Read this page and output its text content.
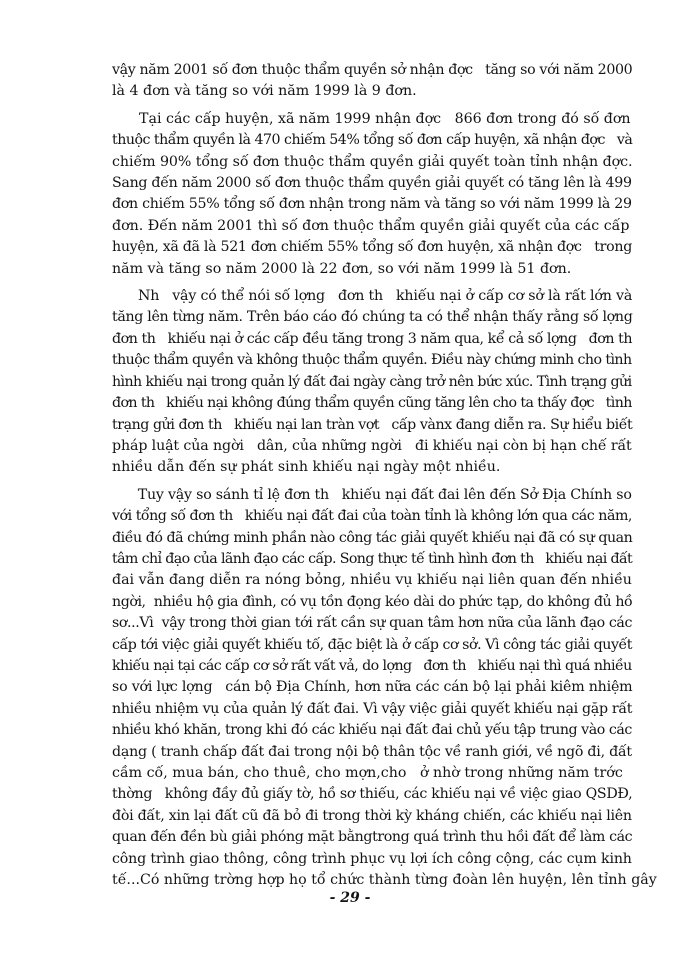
vậy năm 2001 số đơn thuộc thẩm quyền sở nhận đợc   tăng so với năm 2000
là 4 đơn và tăng so với năm 1999 là 9 đơn.

Tại các cấp huyện, xã năm 1999 nhận đợc   866 đơn trong đó số đơn
thuộc thẩm quyền là 470 chiếm 54% tổng số đơn cấp huyện, xã nhận đợc   và
chiếm 90% tổng số đơn thuộc thẩm quyền giải quyết toàn tỉnh nhận đợc.
Sang đến năm 2000 số đơn thuộc thẩm quyền giải quyết có tăng lên là 499
đơn chiếm 55% tổng số đơn nhận trong năm và tăng so với năm 1999 là 29
đơn. Đến năm 2001 thì số đơn thuộc thẩm quyền giải quyết của các cấp
huyện, xã đã là 521 đơn chiếm 55% tổng số đơn huyện, xã nhận đợc   trong
năm và tăng so năm 2000 là 22 đơn, so với năm 1999 là 51 đơn.

Nh   vậy có thể nói số lợng   đơn th   khiếu nại ở cấp cơ sở là rất lớn và
tăng lên từng năm. Trên báo cáo đó chúng ta có thể nhận thấy rằng số lợng
đơn th   khiếu nại ở các cấp đều tăng trong 3 năm qua, kể cả số lợng   đơn th
thuộc thẩm quyền và không thuộc thẩm quyền. Điều này chứng minh cho tình
hình khiếu nại trong quản lý đất đai ngày càng trở nên bức xúc. Tình trạng gửi
đơn th   khiếu nại không đúng thẩm quyền cũng tăng lên cho ta thấy đợc   tình
trạng gửi đơn th   khiếu nại lan tràn vợt   cấp vànx đang diễn ra. Sự hiểu biết
pháp luật của ngời   dân, của những ngời   đi khiếu nại còn bị hạn chế rất
nhiều dẫn đến sự phát sinh khiếu nại ngày một nhiều.

Tuy vậy so sánh tỉ lệ đơn th   khiếu nại đất đai lên đến Sở Địa Chính so
với tổng số đơn th   khiếu nại đất đai của toàn tỉnh là không lớn qua các năm,
điều đó đã chứng minh phần nào công tác giải quyết khiếu nại đã có sự quan
tâm chỉ đạo của lãnh đạo các cấp. Song thực tế tình hình đơn th   khiếu nại đất
đai vẫn đang diễn ra nóng bỏng, nhiều vụ khiếu nại liên quan đến nhiều
ngời,  nhiều hộ gia đình, có vụ tồn đọng kéo dài do phức tạp, do không đủ hồ
sơ...Vì  vậy trong thời gian tới rất cần sự quan tâm hơn nữa của lãnh đạo các
cấp tới việc giải quyết khiếu tố, đặc biệt là ở cấp cơ sở. Vì công tác giải quyết
khiếu nại tại các cấp cơ sở rất vất vả, do lợng   đơn th   khiếu nại thì quá nhiều
so với lực lợng   cán bộ Địa Chính, hơn nữa các cán bộ lại phải kiêm nhiệm
nhiều nhiệm vụ của quản lý đất đai. Vì vậy việc giải quyết khiếu nại gặp rất
nhiều khó khăn, trong khi đó các khiếu nại đất đai chủ yếu tập trung vào các
dạng ( tranh chấp đất đai trong nội bộ thân tộc về ranh giới, về ngõ đi, đất
cầm cố, mua bán, cho thuê, cho mợn,cho   ở nhờ trong những năm trớc
thờng   không đầy đủ giấy tờ, hồ sơ thiếu, các khiếu nại về việc giao QSDĐ,
đòi đất, xin lại đất cũ đã bỏ đi trong thời kỳ kháng chiến, các khiếu nại liên
quan đến đền bù giải phóng mặt bằngtrong quá trình thu hồi đất để làm các
công trình giao thông, công trình phục vụ lợi ích công cộng, các cụm kinh
tế...Có những trờng hợp họ tổ chức thành từng đoàn lên huyện, lên tỉnh gây

- 29 -
